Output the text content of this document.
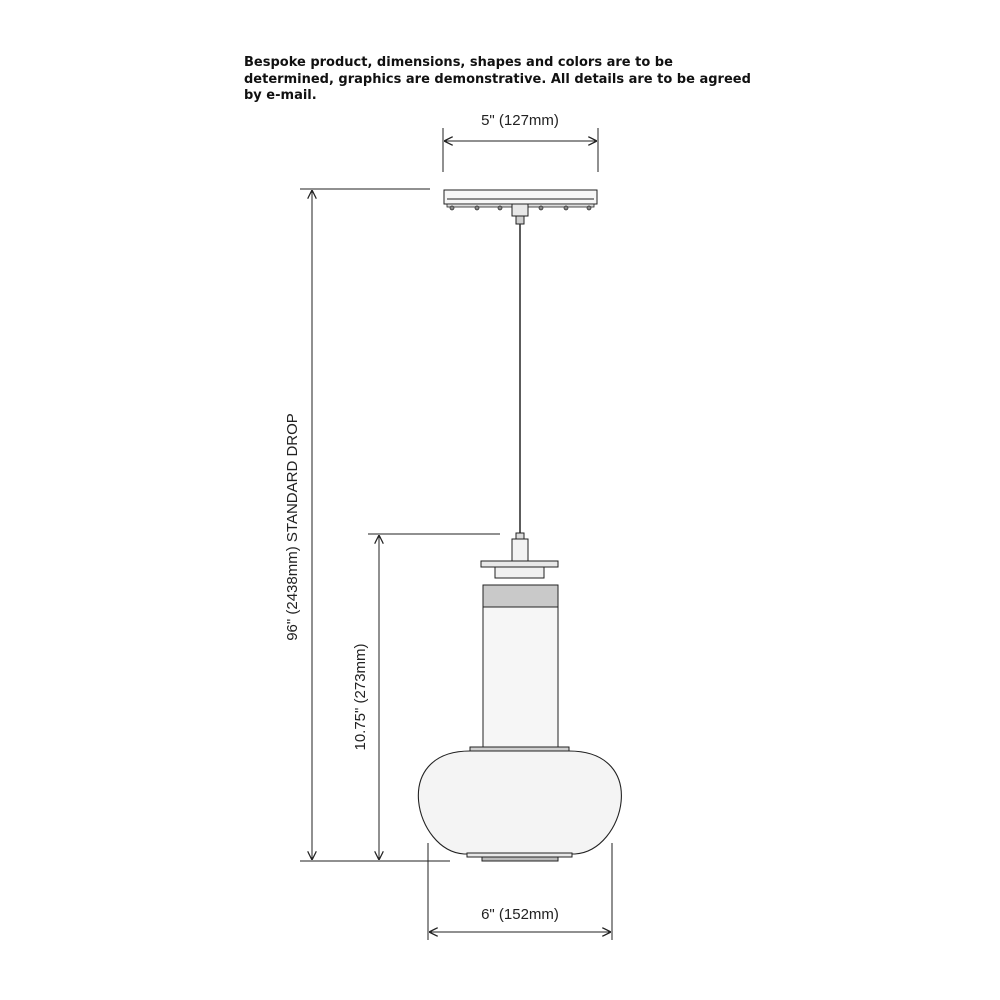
Bespoke product, dimensions, shapes and colors are to be
determined, graphics are demonstrative. All details are to be agreed
by e-mail.
5" (127mm)
96" (2438mm) STANDARD DROP
10.75" (273mm)
6" (152mm)
